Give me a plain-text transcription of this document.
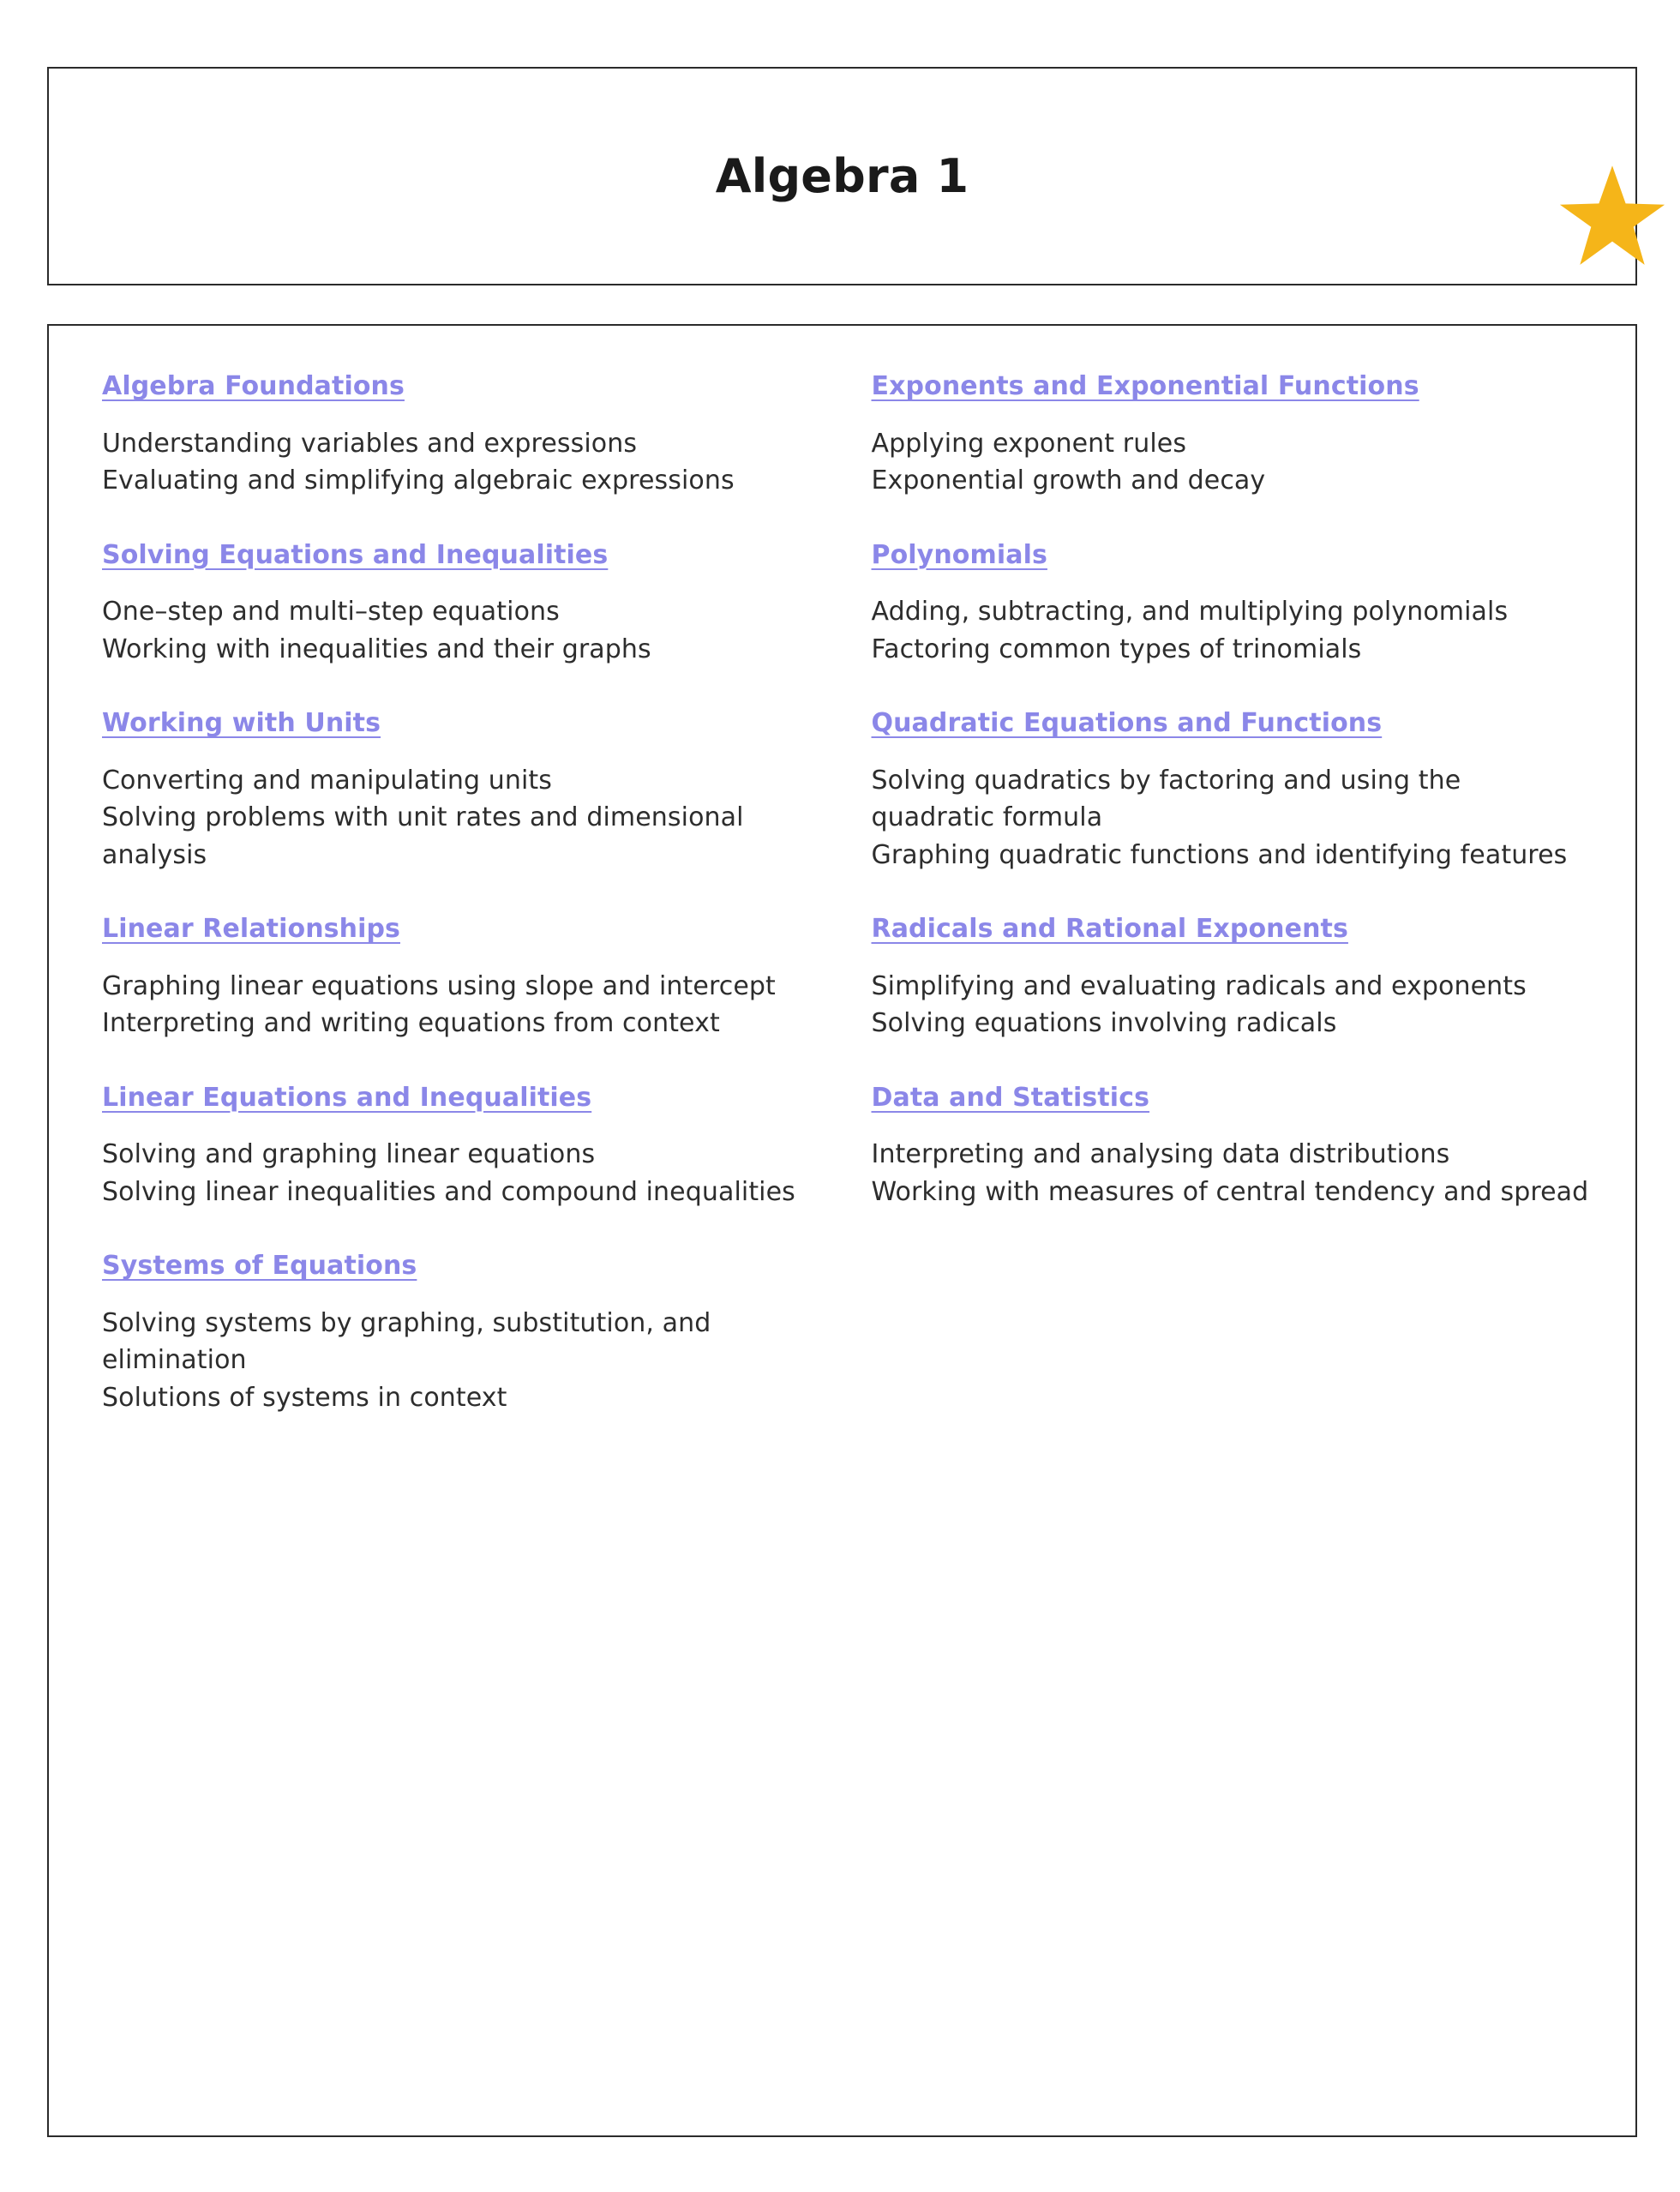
Algebra 1
Algebra Foundations

Understanding variables and expressions

Evaluating and simplifying algebraic expressions

Solving Equations and Inequalities

One–step and multi–step equations

Working with inequalities and their graphs

Working with Units

Converting and manipulating units

Solving problems with unit rates and dimensional analysis

Linear Relationships

Graphing linear equations using slope and intercept

Interpreting and writing equations from context

Linear Equations and Inequalities

Solving and graphing linear equations

Solving linear inequalities and compound inequalities

Systems of Equations

Solving systems by graphing, substitution, and elimination

Solutions of systems in context

Exponents and Exponential Functions

Applying exponent rules

Exponential growth and decay

Polynomials

Adding, subtracting, and multiplying polynomials

Factoring common types of trinomials

Quadratic Equations and Functions

Solving quadratics by factoring and using the quadratic formula

Graphing quadratic functions and identifying features

Radicals and Rational Exponents

Simplifying and evaluating radicals and exponents

Solving equations involving radicals

Data and Statistics

Interpreting and analysing data distributions

Working with measures of central tendency and spread
